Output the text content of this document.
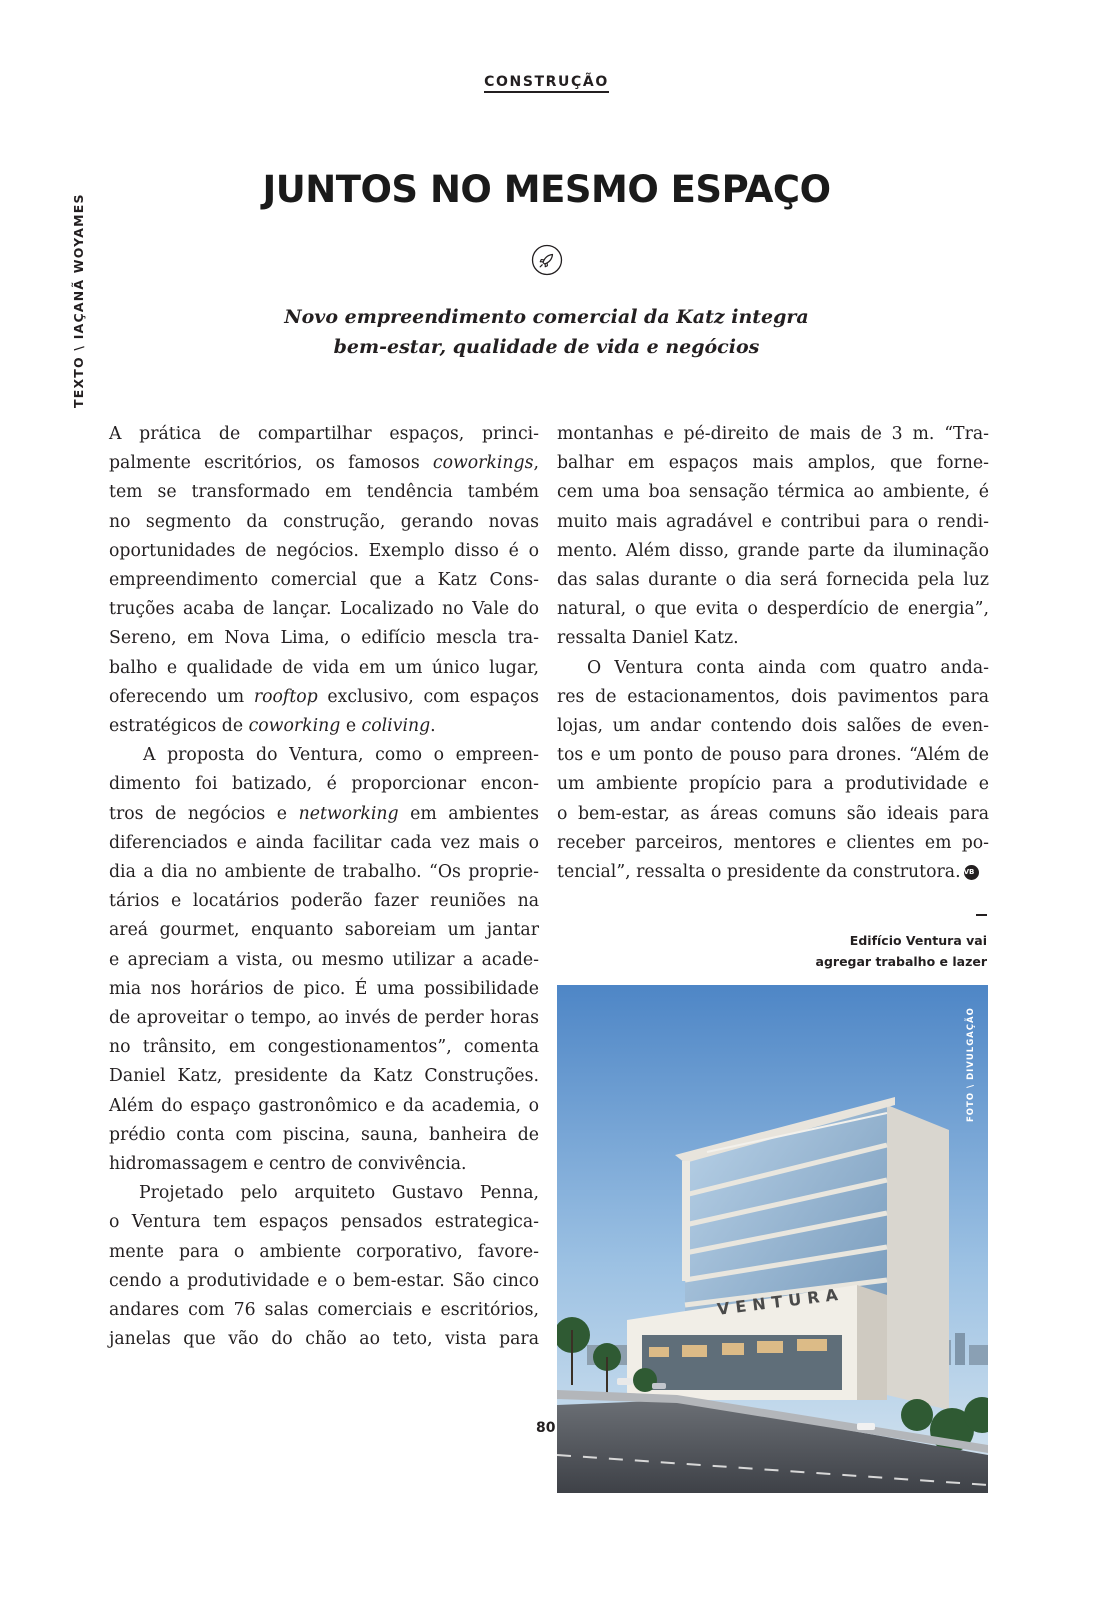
CONSTRUÇÃO
TEXTO \ IAÇANÃ WOYAMES
JUNTOS NO MESMO ESPAÇO
Novo empreendimento comercial da Katz integra
bem-estar, qualidade de vida e negócios
A prática de compartilhar espaços, princi-
palmente escritórios, os famosos coworkings,
tem se transformado em tendência também
no segmento da construção, gerando novas
oportunidades de negócios. Exemplo disso é o
empreendimento comercial que a Katz Cons-
truções acaba de lançar. Localizado no Vale do
Sereno, em Nova Lima, o edifício mescla tra-
balho e qualidade de vida em um único lugar,
oferecendo um rooftop exclusivo, com espaços
estratégicos de coworking e coliving.
A proposta do Ventura, como o empreen-
dimento foi batizado, é proporcionar encon-
tros de negócios e networking em ambientes
diferenciados e ainda facilitar cada vez mais o
dia a dia no ambiente de trabalho. “Os proprie-
tários e locatários poderão fazer reuniões na
areá gourmet, enquanto saboreiam um jantar
e apreciam a vista, ou mesmo utilizar a acade-
mia nos horários de pico. É uma possibilidade
de aproveitar o tempo, ao invés de perder horas
no trânsito, em congestionamentos”, comenta
Daniel Katz, presidente da Katz Construções.
Além do espaço gastronômico e da academia, o
prédio conta com piscina, sauna, banheira de
hidromassagem e centro de convivência.
Projetado pelo arquiteto Gustavo Penna,
o Ventura tem espaços pensados estrategica-
mente para o ambiente corporativo, favore-
cendo a produtividade e o bem-estar. São cinco
andares com 76 salas comerciais e escritórios,
janelas que vão do chão ao teto, vista para
montanhas e pé-direito de mais de 3 m. “Tra-
balhar em espaços mais amplos, que forne-
cem uma boa sensação térmica ao ambiente, é
muito mais agradável e contribui para o rendi-
mento. Além disso, grande parte da iluminação
das salas durante o dia será fornecida pela luz
natural, o que evita o desperdício de energia”,
ressalta Daniel Katz.
O Ventura conta ainda com quatro anda-
res de estacionamentos, dois pavimentos para
lojas, um andar contendo dois salões de even-
tos e um ponto de pouso para drones. “Além de
um ambiente propício para a produtividade e
o bem-estar, as áreas comuns são ideais para
receber parceiros, mentores e clientes em po-
tencial”, ressalta o presidente da construtora. VB
Edifício Ventura vai
agregar trabalho e lazer
VENTURA
FOTO \ DIVULGAÇÃO
80
